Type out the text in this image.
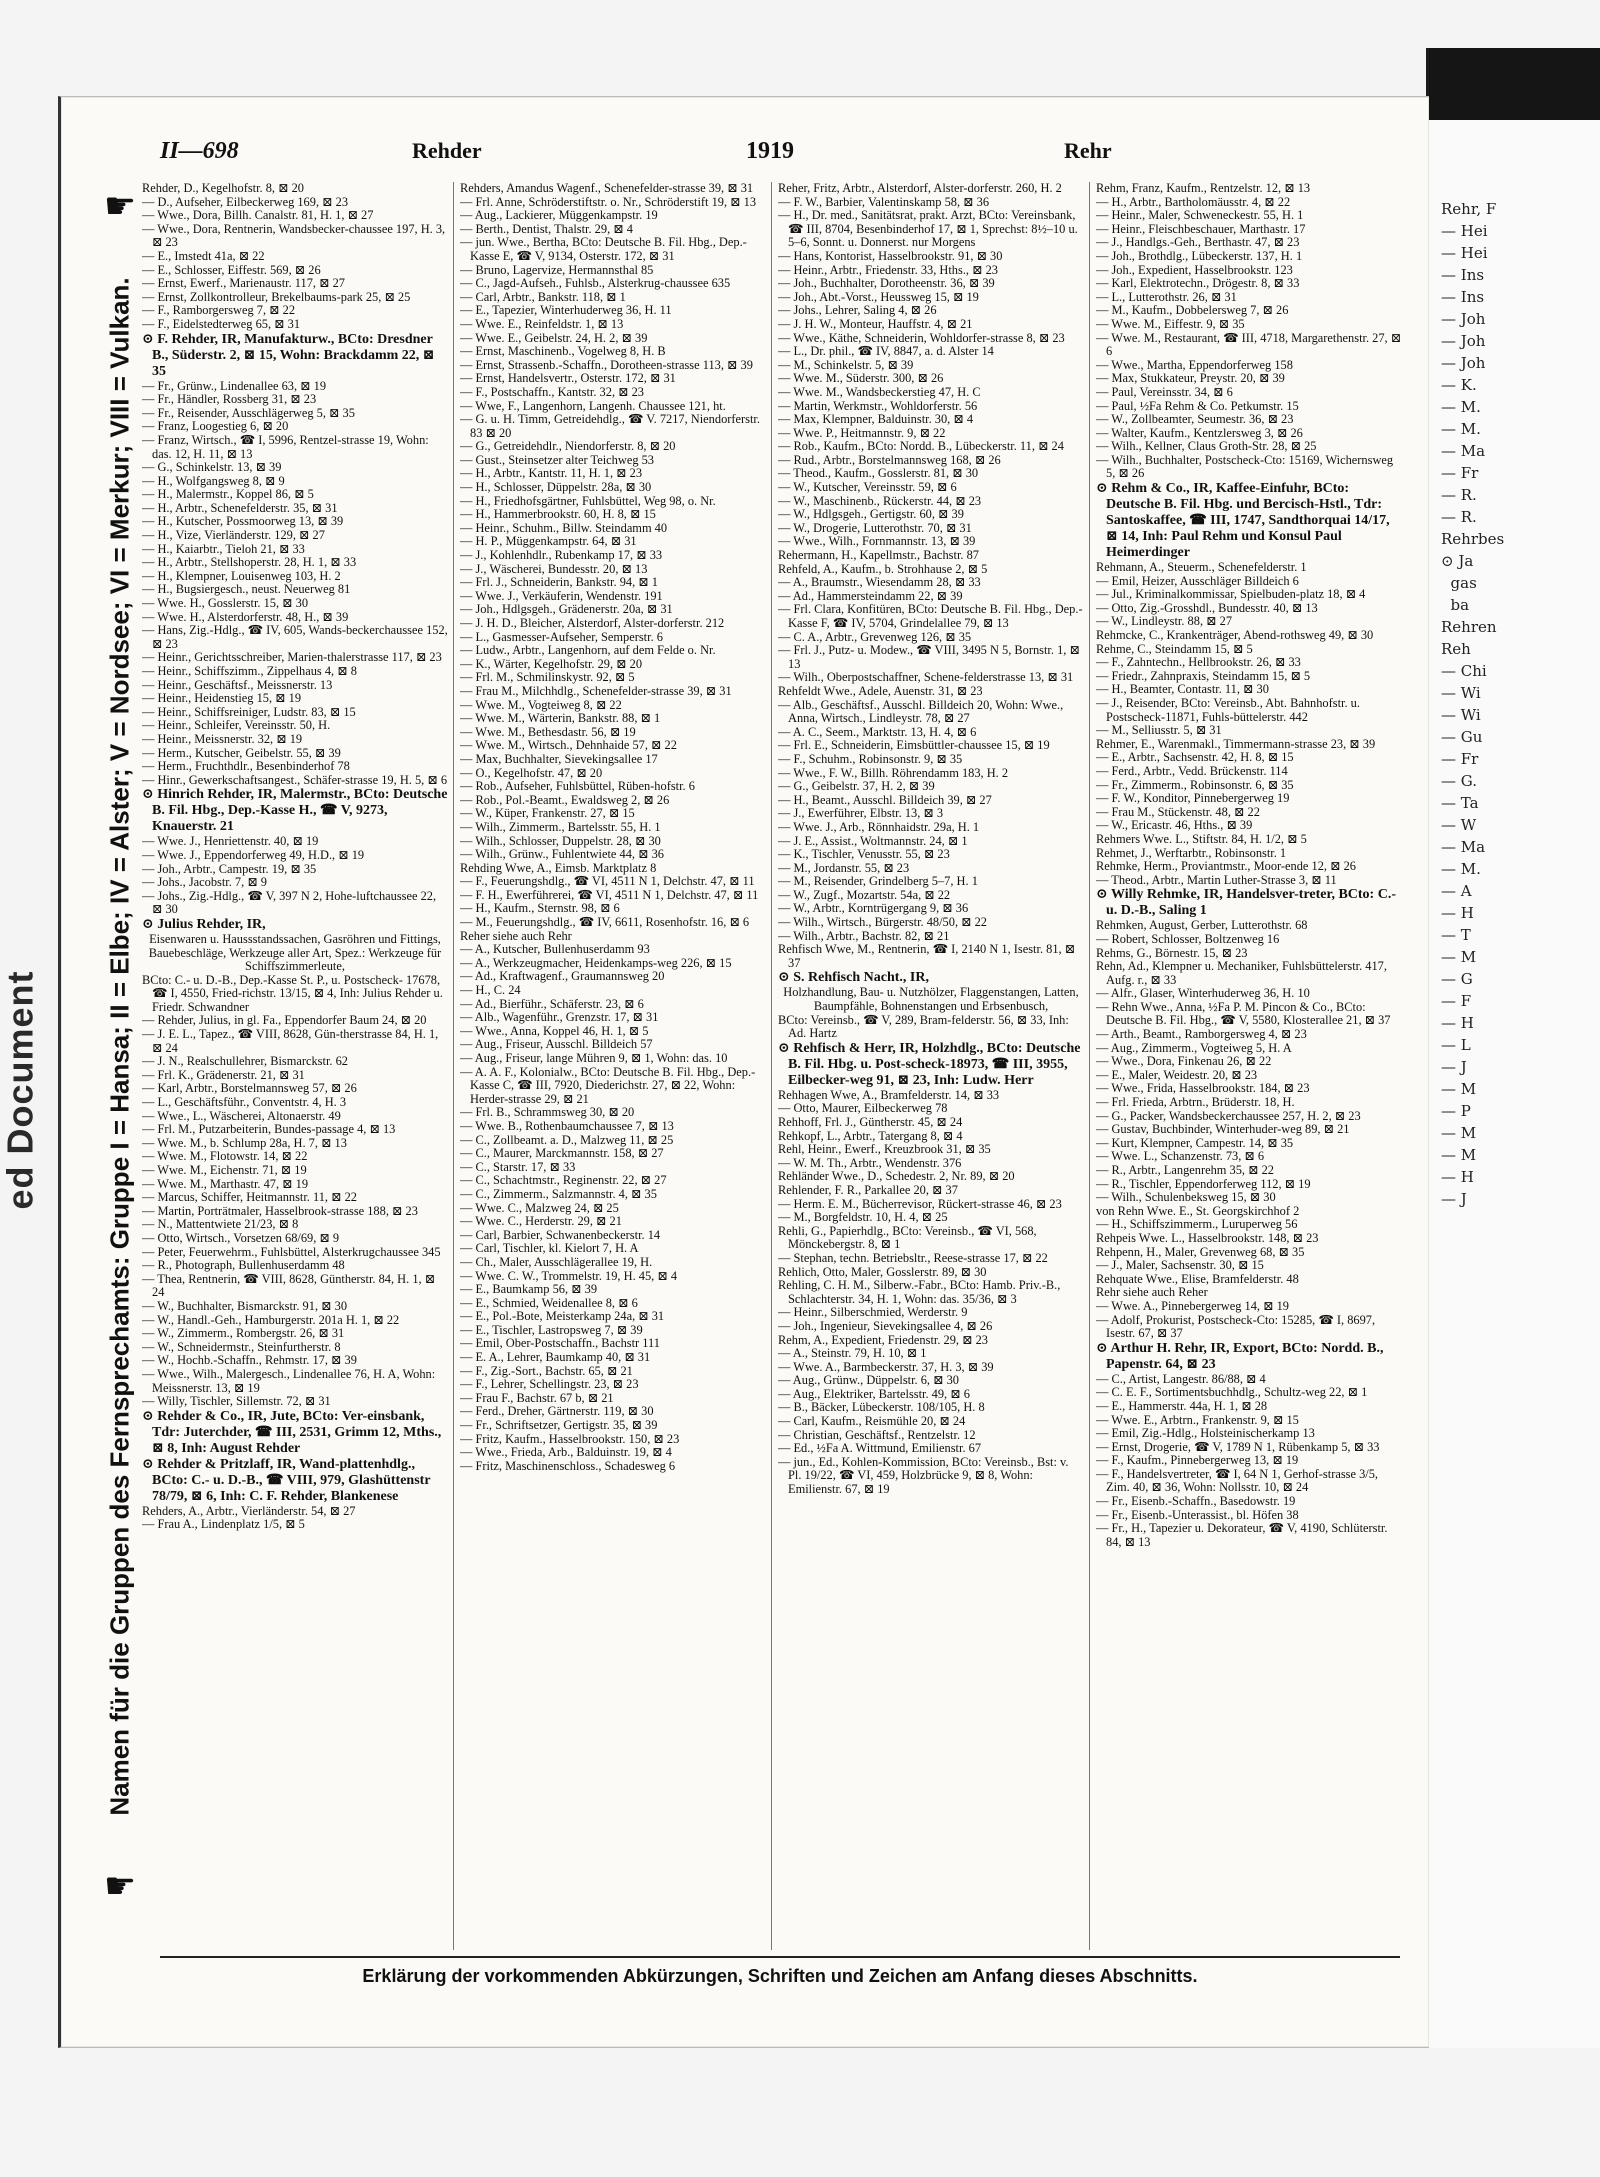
ed Document
Rehr, F
— Hei
— Hei
— Ins
— Ins
— Joh
— Joh
— Joh
— K.
— M.
— M.
— Ma
— Fr
— R.
— R.
Rehrbes
⊙ Ja
gas
ba
Rehren
Reh
— Chi
— Wi
— Wi
— Gu
— Fr
— G.
— Ta
— W
— Ma
— M.
— A
— H
— T
— M
— G
— F
— H
— L
— J
— M
— P
— M
— M
— H
— J
☛
Namen für die Gruppen des Fernsprechamts: Gruppe I = Hansa; II = Elbe; IV = Alster; V = Nordsee; VI = Merkur; VIII = Vulkan.
☛
II—698	Rehder	1919	Rehr

Rehder, D., Kegelhofstr. 8, ⊠ 20

— D., Aufseher, Eilbeckerweg 169, ⊠ 23

— Wwe., Dora, Billh. Canalstr. 81, H. 1, ⊠ 27

— Wwe., Dora, Rentnerin, Wandsbecker-chaussee 197, H. 3, ⊠ 23

— E., Imstedt 41a, ⊠ 22

— E., Schlosser, Eiffestr. 569, ⊠ 26

— Ernst, Ewerf., Marienaustr. 117, ⊠ 27

— Ernst, Zollkontrolleur, Brekelbaums-park 25, ⊠ 25

— F., Ramborgersweg 7, ⊠ 22

— F., Eidelstedterweg 65, ⊠ 31

⊙ F. Rehder, IR, Manufakturw., BCto: Dresdner B., Süderstr. 2, ⊠ 15, Wohn: Brackdamm 22, ⊠ 35

— Fr., Grünw., Lindenallee 63, ⊠ 19

— Fr., Händler, Rossberg 31, ⊠ 23

— Fr., Reisender, Ausschlägerweg 5, ⊠ 35

— Franz, Loogestieg 6, ⊠ 20

— Franz, Wirtsch., ☎ I, 5996, Rentzel-strasse 19, Wohn: das. 12, H. 11, ⊠ 13

— G., Schinkelstr. 13, ⊠ 39

— H., Wolfgangsweg 8, ⊠ 9

— H., Malermstr., Koppel 86, ⊠ 5

— H., Arbtr., Schenefelderstr. 35, ⊠ 31

— H., Kutscher, Possmoorweg 13, ⊠ 39

— H., Vize, Vierländerstr. 129, ⊠ 27

— H., Kaiarbtr., Tieloh 21, ⊠ 33

— H., Arbtr., Stellshoperstr. 28, H. 1, ⊠ 33

— H., Klempner, Louisenweg 103, H. 2

— H., Bugsiergesch., neust. Neuerweg 81

— Wwe. H., Gosslerstr. 15, ⊠ 30

— Wwe. H., Alsterdorferstr. 48, H., ⊠ 39

— Hans, Zig.-Hdlg., ☎ IV, 605, Wands-beckerchaussee 152, ⊠ 23

— Heinr., Gerichtsschreiber, Marien-thalerstrasse 117, ⊠ 23

— Heinr., Schiffszimm., Zippelhaus 4, ⊠ 8

— Heinr., Geschäftsf., Meissnerstr. 13

— Heinr., Heidenstieg 15, ⊠ 19

— Heinr., Schiffsreiniger, Ludstr. 83, ⊠ 15

— Heinr., Schleifer, Vereinsstr. 50, H.

— Heinr., Meissnerstr. 32, ⊠ 19

— Herm., Kutscher, Geibelstr. 55, ⊠ 39

— Herm., Fruchthdlr., Besenbinderhof 78

— Hinr., Gewerkschaftsangest., Schäfer-strasse 19, H. 5, ⊠ 6

⊙ Hinrich Rehder, IR, Malermstr., BCto: Deutsche B. Fil. Hbg., Dep.-Kasse H., ☎ V, 9273, Knauerstr. 21

— Wwe. J., Henriettenstr. 40, ⊠ 19

— Wwe. J., Eppendorferweg 49, H.D., ⊠ 19

— Joh., Arbtr., Campestr. 19, ⊠ 35

— Johs., Jacobstr. 7, ⊠ 9

— Johs., Zig.-Hdlg., ☎ V, 397 N 2, Hohe-luftchaussee 22, ⊠ 30

⊙ Julius Rehder, IR,

Eisenwaren u. Haussstandssachen, Gasröhren und Fittings, Bauebeschläge, Werkzeuge aller Art, Spez.: Werkzeuge für Schiffszimmerleute,

BCto: C.- u. D.-B., Dep.-Kasse St. P., u. Postscheck- 17678, ☎ I, 4550, Fried-richstr. 13/15, ⊠ 4, Inh: Julius Rehder u. Friedr. Schwandner

— Rehder, Julius, in gl. Fa., Eppendorfer Baum 24, ⊠ 20

— J. E. L., Tapez., ☎ VIII, 8628, Gün-therstrasse 84, H. 1, ⊠ 24

— J. N., Realschullehrer, Bismarckstr. 62

— Frl. K., Grädenerstr. 21, ⊠ 31

— Karl, Arbtr., Borstelmannsweg 57, ⊠ 26

— L., Geschäftsführ., Conventstr. 4, H. 3

— Wwe., L., Wäscherei, Altonaerstr. 49

— Frl. M., Putzarbeiterin, Bundes-passage 4, ⊠ 13

— Wwe. M., b. Schlump 28a, H. 7, ⊠ 13

— Wwe. M., Flotowstr. 14, ⊠ 22

— Wwe. M., Eichenstr. 71, ⊠ 19

— Wwe. M., Marthastr. 47, ⊠ 19

— Marcus, Schiffer, Heitmannstr. 11, ⊠ 22

— Martin, Porträtmaler, Hasselbrook-strasse 188, ⊠ 23

— N., Mattentwiete 21/23, ⊠ 8

— Otto, Wirtsch., Vorsetzen 68/69, ⊠ 9

— Peter, Feuerwehrm., Fuhlsbüttel, Alsterkrugchaussee 345

— R., Photograph, Bullenhuserdamm 48

— Thea, Rentnerin, ☎ VIII, 8628, Güntherstr. 84, H. 1, ⊠ 24

— W., Buchhalter, Bismarckstr. 91, ⊠ 30

— W., Handl.-Geh., Hamburgerstr. 201a H. 1, ⊠ 22

— W., Zimmerm., Rombergstr. 26, ⊠ 31

— W., Schneidermstr., Steinfurtherstr. 8

— W., Hochb.-Schaffn., Rehmstr. 17, ⊠ 39

— Wwe., Wilh., Malergesch., Lindenallee 76, H. A, Wohn: Meissnerstr. 13, ⊠ 19

— Willy, Tischler, Sillemstr. 72, ⊠ 31

⊙ Rehder & Co., IR, Jute, BCto: Ver-einsbank, Tdr: Juterchder, ☎ III, 2531, Grimm 12, Mths., ⊠ 8, Inh: August Rehder

⊙ Rehder & Pritzlaff, IR, Wand-plattenhdlg., BCto: C.- u. D.-B., ☎ VIII, 979, Glashüttenstr 78/79, ⊠ 6, Inh: C. F. Rehder, Blankenese

Rehders, A., Arbtr., Vierländerstr. 54, ⊠ 27

— Frau A., Lindenplatz 1/5, ⊠ 5

Rehders, Amandus Wagenf., Schenefelder-strasse 39, ⊠ 31

— Frl. Anne, Schröderstiftstr. o. Nr., Schröderstift 19, ⊠ 13

— Aug., Lackierer, Müggenkampstr. 19

— Berth., Dentist, Thalstr. 29, ⊠ 4

— jun. Wwe., Bertha, BCto: Deutsche B. Fil. Hbg., Dep.-Kasse E, ☎ V, 9134, Osterstr. 172, ⊠ 31

— Bruno, Lagervize, Hermannsthal 85

— C., Jagd-Aufseh., Fuhlsb., Alsterkrug-chaussee 635

— Carl, Arbtr., Bankstr. 118, ⊠ 1

— E., Tapezier, Winterhuderweg 36, H. 11

— Wwe. E., Reinfeldstr. 1, ⊠ 13

— Wwe. E., Geibelstr. 24, H. 2, ⊠ 39

— Ernst, Maschinenb., Vogelweg 8, H. B

— Ernst, Strassenb.-Schaffn., Dorotheen-strasse 113, ⊠ 39

— Ernst, Handelsvertr., Osterstr. 172, ⊠ 31

— F., Postschaffn., Kantstr. 32, ⊠ 23

— Wwe, F., Langenhorn, Langenh. Chaussee 121, ht.

— G. u. H. Timm, Getreidehdlg., ☎ V. 7217, Niendorferstr. 83 ⊠ 20

— G., Getreidehdlr., Niendorferstr. 8, ⊠ 20

— Gust., Steinsetzer alter Teichweg 53

— H., Arbtr., Kantstr. 11, H. 1, ⊠ 23

— H., Schlosser, Düppelstr. 28a, ⊠ 30

— H., Friedhofsgärtner, Fuhlsbüttel, Weg 98, o. Nr.

— H., Hammerbrookstr. 60, H. 8, ⊠ 15

— Heinr., Schuhm., Billw. Steindamm 40

— H. P., Müggenkampstr. 64, ⊠ 31

— J., Kohlenhdlr., Rubenkamp 17, ⊠ 33

— J., Wäscherei, Bundesstr. 20, ⊠ 13

— Frl. J., Schneiderin, Bankstr. 94, ⊠ 1

— Wwe. J., Verkäuferin, Wendenstr. 191

— Joh., Hdlgsgeh., Grädenerstr. 20a, ⊠ 31

— J. H. D., Bleicher, Alsterdorf, Alster-dorferstr. 212

— L., Gasmesser-Aufseher, Semperstr. 6

— Ludw., Arbtr., Langenhorn, auf dem Felde o. Nr.

— K., Wärter, Kegelhofstr. 29, ⊠ 20

— Frl. M., Schmilinskystr. 92, ⊠ 5

— Frau M., Milchhdlg., Schenefelder-strasse 39, ⊠ 31

— Wwe. M., Vogteiweg 8, ⊠ 22

— Wwe. M., Wärterin, Bankstr. 88, ⊠ 1

— Wwe. M., Bethesdastr. 56, ⊠ 19

— Wwe. M., Wirtsch., Dehnhaide 57, ⊠ 22

— Max, Buchhalter, Sievekingsallee 17

— O., Kegelhofstr. 47, ⊠ 20

— Rob., Aufseher, Fuhlsbüttel, Rüben-hofstr. 6

— Rob., Pol.-Beamt., Ewaldsweg 2, ⊠ 26

— W., Küper, Frankenstr. 27, ⊠ 15

— Wilh., Zimmerm., Bartelsstr. 55, H. 1

— Wilh., Schlosser, Duppelstr. 28, ⊠ 30

— Wilh., Grünw., Fuhlentwiete 44, ⊠ 36

Rehding Wwe, A., Eimsb. Marktplatz 8

— F., Feuerungshdlg., ☎ VI, 4511 N 1, Delchstr. 47, ⊠ 11

— F. H., Ewerführerei, ☎ VI, 4511 N 1, Delchstr. 47, ⊠ 11

— H., Kaufm., Sternstr. 98, ⊠ 6

— M., Feuerungshdlg., ☎ IV, 6611, Rosenhofstr. 16, ⊠ 6

Reher siehe auch Rehr

— A., Kutscher, Bullenhuserdamm 93

— A., Werkzeugmacher, Heidenkamps-weg 226, ⊠ 15

— Ad., Kraftwagenf., Graumannsweg 20

— H., C. 24

— Ad., Bierführ., Schäferstr. 23, ⊠ 6

— Alb., Wagenführ., Grenzstr. 17, ⊠ 31

— Wwe., Anna, Koppel 46, H. 1, ⊠ 5

— Aug., Friseur, Ausschl. Billdeich 57

— Aug., Friseur, lange Mühren 9, ⊠ 1, Wohn: das. 10

— A. A. F., Kolonialw., BCto: Deutsche B. Fil. Hbg., Dep.-Kasse C, ☎ III, 7920, Diederichstr. 27, ⊠ 22, Wohn: Herder-strasse 29, ⊠ 21

— Frl. B., Schrammsweg 30, ⊠ 20

— Wwe. B., Rothenbaumchaussee 7, ⊠ 13

— C., Zollbeamt. a. D., Malzweg 11, ⊠ 25

— C., Maurer, Marckmannstr. 158, ⊠ 27

— C., Starstr. 17, ⊠ 33

— C., Schachtmstr., Reginenstr. 22, ⊠ 27

— C., Zimmerm., Salzmannstr. 4, ⊠ 35

— Wwe. C., Malzweg 24, ⊠ 25

— Wwe. C., Herderstr. 29, ⊠ 21

— Carl, Barbier, Schwanenbeckerstr. 14

— Carl, Tischler, kl. Kielort 7, H. A

— Ch., Maler, Ausschlägerallee 19, H.

— Wwe. C. W., Trommelstr. 19, H. 45, ⊠ 4

— E., Baumkamp 56, ⊠ 39

— E., Schmied, Weidenallee 8, ⊠ 6

— E., Pol.-Bote, Meisterkamp 24a, ⊠ 31

— E., Tischler, Lastropsweg 7, ⊠ 39

— Emil, Ober-Postschaffn., Bachstr 111

— E. A., Lehrer, Baumkamp 40, ⊠ 31

— F., Zig.-Sort., Bachstr. 65, ⊠ 21

— F., Lehrer, Schellingstr. 23, ⊠ 23

— Frau F., Bachstr. 67 b, ⊠ 21

— Ferd., Dreher, Gärtnerstr. 119, ⊠ 30

— Fr., Schriftsetzer, Gertigstr. 35, ⊠ 39

— Fritz, Kaufm., Hasselbrookstr. 150, ⊠ 23

— Wwe., Frieda, Arb., Balduinstr. 19, ⊠ 4

— Fritz, Maschinenschloss., Schadesweg 6

Reher, Fritz, Arbtr., Alsterdorf, Alster-dorferstr. 260, H. 2

— F. W., Barbier, Valentinskamp 58, ⊠ 36

— H., Dr. med., Sanitätsrat, prakt. Arzt, BCto: Vereinsbank, ☎ III, 8704, Besenbinderhof 17, ⊠ 1, Sprechst: 8½–10 u. 5–6, Sonnt. u. Donnerst. nur Morgens

— Hans, Kontorist, Hasselbrookstr. 91, ⊠ 30

— Heinr., Arbtr., Friedenstr. 33, Hths., ⊠ 23

— Joh., Buchhalter, Dorotheenstr. 36, ⊠ 39

— Joh., Abt.-Vorst., Heussweg 15, ⊠ 19

— Johs., Lehrer, Saling 4, ⊠ 26

— J. H. W., Monteur, Hauffstr. 4, ⊠ 21

— Wwe., Käthe, Schneiderin, Wohldorfer-strasse 8, ⊠ 23

— L., Dr. phil., ☎ IV, 8847, a. d. Alster 14

— M., Schinkelstr. 5, ⊠ 39

— Wwe. M., Süderstr. 300, ⊠ 26

— Wwe. M., Wandsbeckerstieg 47, H. C

— Martin, Werkmstr., Wohldorferstr. 56

— Max, Klempner, Balduinstr. 30, ⊠ 4

— Wwe. P., Heitmannstr. 9, ⊠ 22

— Rob., Kaufm., BCto: Nordd. B., Lübeckerstr. 11, ⊠ 24

— Rud., Arbtr., Borstelmannsweg 168, ⊠ 26

— Theod., Kaufm., Gosslerstr. 81, ⊠ 30

— W., Kutscher, Vereinsstr. 59, ⊠ 6

— W., Maschinenb., Rückerstr. 44, ⊠ 23

— W., Hdlgsgeh., Gertigstr. 60, ⊠ 39

— W., Drogerie, Lutterothstr. 70, ⊠ 31

— Wwe., Wilh., Fornmannstr. 13, ⊠ 39

Rehermann, H., Kapellmstr., Bachstr. 87

Rehfeld, A., Kaufm., b. Strohhause 2, ⊠ 5

— A., Braumstr., Wiesendamm 28, ⊠ 33

— Ad., Hammersteindamm 22, ⊠ 39

— Frl. Clara, Konfitüren, BCto: Deutsche B. Fil. Hbg., Dep.-Kasse F, ☎ IV, 5704, Grindelallee 79, ⊠ 13

— C. A., Arbtr., Grevenweg 126, ⊠ 35

— Frl. J., Putz- u. Modew., ☎ VIII, 3495 N 5, Bornstr. 1, ⊠ 13

— Wilh., Oberpostschaffner, Schene-felderstrasse 13, ⊠ 31

Rehfeldt Wwe., Adele, Auenstr. 31, ⊠ 23

— Alb., Geschäftsf., Ausschl. Billdeich 20, Wohn: Wwe., Anna, Wirtsch., Lindleystr. 78, ⊠ 27

— A. C., Seem., Marktstr. 13, H. 4, ⊠ 6

— Frl. E., Schneiderin, Eimsbüttler-chaussee 15, ⊠ 19

— F., Schuhm., Robinsonstr. 9, ⊠ 35

— Wwe., F. W., Billh. Röhrendamm 183, H. 2

— G., Geibelstr. 37, H. 2, ⊠ 39

— H., Beamt., Ausschl. Billdeich 39, ⊠ 27

— J., Ewerführer, Elbstr. 13, ⊠ 3

— Wwe. J., Arb., Rönnhaidstr. 29a, H. 1

— J. E., Assist., Woltmannstr. 24, ⊠ 1

— K., Tischler, Venusstr. 55, ⊠ 23

— M., Jordanstr. 55, ⊠ 23

— M., Reisender, Grindelberg 5–7, H. 1

— W., Zugf., Mozartstr. 54a, ⊠ 22

— W., Arbtr., Korntrügergang 9, ⊠ 36

— Wilh., Wirtsch., Bürgerstr. 48/50, ⊠ 22

— Wilh., Arbtr., Bachstr. 82, ⊠ 21

Rehfisch Wwe, M., Rentnerin, ☎ I, 2140 N 1, Isestr. 81, ⊠ 37

⊙ S. Rehfisch Nacht., IR,

Holzhandlung, Bau- u. Nutzhölzer, Flaggenstangen, Latten, Baumpfähle, Bohnenstangen und Erbsenbusch,

BCto: Vereinsb., ☎ V, 289, Bram-felderstr. 56, ⊠ 33, Inh: Ad. Hartz

⊙ Rehfisch & Herr, IR, Holzhdlg., BCto: Deutsche B. Fil. Hbg. u. Post-scheck-18973, ☎ III, 3955, Eilbecker-weg 91, ⊠ 23, Inh: Ludw. Herr

Rehhagen Wwe, A., Bramfelderstr. 14, ⊠ 33

— Otto, Maurer, Eilbeckerweg 78

Rehhoff, Frl. J., Güntherstr. 45, ⊠ 24

Rehkopf, L., Arbtr., Tatergang 8, ⊠ 4

Rehl, Heinr., Ewerf., Kreuzbrook 31, ⊠ 35

— W. M. Th., Arbtr., Wendenstr. 376

Rehländer Wwe., D., Schedestr. 2, Nr. 89, ⊠ 20

Rehlender, F. R., Parkallee 20, ⊠ 37

— Herm. E. M., Bücherrevisor, Rückert-strasse 46, ⊠ 23

— M., Borgfeldstr. 10, H. 4, ⊠ 25

Rehli, G., Papierhdlg., BCto: Vereinsb., ☎ VI, 568, Mönckebergstr. 8, ⊠ 1

— Stephan, techn. Betriebsltr., Reese-strasse 17, ⊠ 22

Rehlich, Otto, Maler, Gosslerstr. 89, ⊠ 30

Rehling, C. H. M., Silberw.-Fabr., BCto: Hamb. Priv.-B., Schlachterstr. 34, H. 1, Wohn: das. 35/36, ⊠ 3

— Heinr., Silberschmied, Werderstr. 9

— Joh., Ingenieur, Sievekingsallee 4, ⊠ 26

Rehm, A., Expedient, Friedenstr. 29, ⊠ 23

— A., Steinstr. 79, H. 10, ⊠ 1

— Wwe. A., Barmbeckerstr. 37, H. 3, ⊠ 39

— Aug., Grünw., Düppelstr. 6, ⊠ 30

— Aug., Elektriker, Bartelsstr. 49, ⊠ 6

— B., Bäcker, Lübeckerstr. 108/105, H. 8

— Carl, Kaufm., Reismühle 20, ⊠ 24

— Christian, Geschäftsf., Rentzelstr. 12

— Ed., ½Fa A. Wittmund, Emilienstr. 67

— jun., Ed., Kohlen-Kommission, BCto: Vereinsb., Bst: v. Pl. 19/22, ☎ VI, 459, Holzbrücke 9, ⊠ 8, Wohn: Emilienstr. 67, ⊠ 19

Rehm, Franz, Kaufm., Rentzelstr. 12, ⊠ 13

— H., Arbtr., Bartholomäusstr. 4, ⊠ 22

— Heinr., Maler, Schweneckestr. 55, H. 1

— Heinr., Fleischbeschauer, Marthastr. 17

— J., Handlgs.-Geh., Berthastr. 47, ⊠ 23

— Joh., Brothdlg., Lübeckerstr. 137, H. 1

— Joh., Expedient, Hasselbrookstr. 123

— Karl, Elektrotechn., Drögestr. 8, ⊠ 33

— L., Lutterothstr. 26, ⊠ 31

— M., Kaufm., Dobbelersweg 7, ⊠ 26

— Wwe. M., Eiffestr. 9, ⊠ 35

— Wwe. M., Restaurant, ☎ III, 4718, Margarethenstr. 27, ⊠ 6

— Wwe., Martha, Eppendorferweg 158

— Max, Stukkateur, Preystr. 20, ⊠ 39

— Paul, Vereinsstr. 34, ⊠ 6

— Paul, ½Fa Rehm & Co. Petkumstr. 15

— W., Zollbeamter, Seumestr. 36, ⊠ 23

— Walter, Kaufm., Kentzlersweg 3, ⊠ 26

— Wilh., Kellner, Claus Groth-Str. 28, ⊠ 25

— Wilh., Buchhalter, Postscheck-Cto: 15169, Wichernsweg 5, ⊠ 26

⊙ Rehm & Co., IR, Kaffee-Einfuhr, BCto: Deutsche B. Fil. Hbg. und Bercisch-Hstl., Tdr: Santoskaffee, ☎ III, 1747, Sandthorquai 14/17, ⊠ 14, Inh: Paul Rehm und Konsul Paul Heimerdinger

Rehmann, A., Steuerm., Schenefelderstr. 1

— Emil, Heizer, Ausschläger Billdeich 6

— Jul., Kriminalkommissar, Spielbuden-platz 18, ⊠ 4

— Otto, Zig.-Grosshdl., Bundesstr. 40, ⊠ 13

— W., Lindleystr. 88, ⊠ 27

Rehmcke, C., Krankenträger, Abend-rothsweg 49, ⊠ 30

Rehme, C., Steindamm 15, ⊠ 5

— F., Zahntechn., Hellbrookstr. 26, ⊠ 33

— Friedr., Zahnpraxis, Steindamm 15, ⊠ 5

— H., Beamter, Contastr. 11, ⊠ 30

— J., Reisender, BCto: Vereinsb., Abt. Bahnhofstr. u. Postscheck-11871, Fuhls-büttelerstr. 442

— M., Selliusstr. 5, ⊠ 31

Rehmer, E., Warenmakl., Timmermann-strasse 23, ⊠ 39

— E., Arbtr., Sachsenstr. 42, H. 8, ⊠ 15

— Ferd., Arbtr., Vedd. Brückenstr. 114

— Fr., Zimmerm., Robinsonstr. 6, ⊠ 35

— F. W., Konditor, Pinnebergerweg 19

— Frau M., Stückenstr. 48, ⊠ 22

— W., Ericastr. 46, Hths., ⊠ 39

Rehmers Wwe. L., Stiftstr. 84, H. 1/2, ⊠ 5

Rehmet, J., Werftarbtr., Robinsonstr. 1

Rehmke, Herm., Proviantmstr., Moor-ende 12, ⊠ 26

— Theod., Arbtr., Martin Luther-Strasse 3, ⊠ 11

⊙ Willy Rehmke, IR, Handelsver-treter, BCto: C.- u. D.-B., Saling 1

Rehmken, August, Gerber, Lutterothstr. 68

— Robert, Schlosser, Boltzenweg 16

Rehms, G., Börnestr. 15, ⊠ 23

Rehn, Ad., Klempner u. Mechaniker, Fuhlsbüttelerstr. 417, Aufg. r., ⊠ 33

— Alfr., Glaser, Winterhuderweg 36, H. 10

— Rehn Wwe., Anna, ½Fa P. M. Pincon & Co., BCto: Deutsche B. Fil. Hbg., ☎ V, 5580, Klosterallee 21, ⊠ 37

— Arth., Beamt., Ramborgersweg 4, ⊠ 23

— Aug., Zimmerm., Vogteiweg 5, H. A

— Wwe., Dora, Finkenau 26, ⊠ 22

— E., Maler, Weidestr. 20, ⊠ 23

— Wwe., Frida, Hasselbrookstr. 184, ⊠ 23

— Frl. Frieda, Arbtrn., Brüderstr. 18, H.

— G., Packer, Wandsbeckerchaussee 257, H. 2, ⊠ 23

— Gustav, Buchbinder, Winterhuder-weg 89, ⊠ 21

— Kurt, Klempner, Campestr. 14, ⊠ 35

— Wwe. L., Schanzenstr. 73, ⊠ 6

— R., Arbtr., Langenrehm 35, ⊠ 22

— R., Tischler, Eppendorferweg 112, ⊠ 19

— Wilh., Schulenbeksweg 15, ⊠ 30

von Rehn Wwe. E., St. Georgskirchhof 2

— H., Schiffszimmerm., Luruperweg 56

Rehpeis Wwe. L., Hasselbrookstr. 148, ⊠ 23

Rehpenn, H., Maler, Grevenweg 68, ⊠ 35

— J., Maler, Sachsenstr. 30, ⊠ 15

Rehquate Wwe., Elise, Bramfelderstr. 48

Rehr siehe auch Reher

— Wwe. A., Pinnebergerweg 14, ⊠ 19

— Adolf, Prokurist, Postscheck-Cto: 15285, ☎ I, 8697, Isestr. 67, ⊠ 37

⊙ Arthur H. Rehr, IR, Export, BCto: Nordd. B., Papenstr. 64, ⊠ 23

— C., Artist, Langestr. 86/88, ⊠ 4

— C. E. F., Sortimentsbuchhdlg., Schultz-weg 22, ⊠ 1

— E., Hammerstr. 44a, H. 1, ⊠ 28

— Wwe. E., Arbtrn., Frankenstr. 9, ⊠ 15

— Emil, Zig.-Hdlg., Holsteinischerkamp 13

— Ernst, Drogerie, ☎ V, 1789 N 1, Rübenkamp 5, ⊠ 33

— F., Kaufm., Pinnebergerweg 13, ⊠ 19

— F., Handelsvertreter, ☎ I, 64 N 1, Gerhof-strasse 3/5, Zim. 40, ⊠ 36, Wohn: Nollsstr. 10, ⊠ 24

— Fr., Eisenb.-Schaffn., Basedowstr. 19

— Fr., Eisenb.-Unterassist., bl. Höfen 38

— Fr., H., Tapezier u. Dekorateur, ☎ V, 4190, Schlüterstr. 84, ⊠ 13

Erklärung der vorkommenden Abkürzungen, Schriften und Zeichen am Anfang dieses Abschnitts.
